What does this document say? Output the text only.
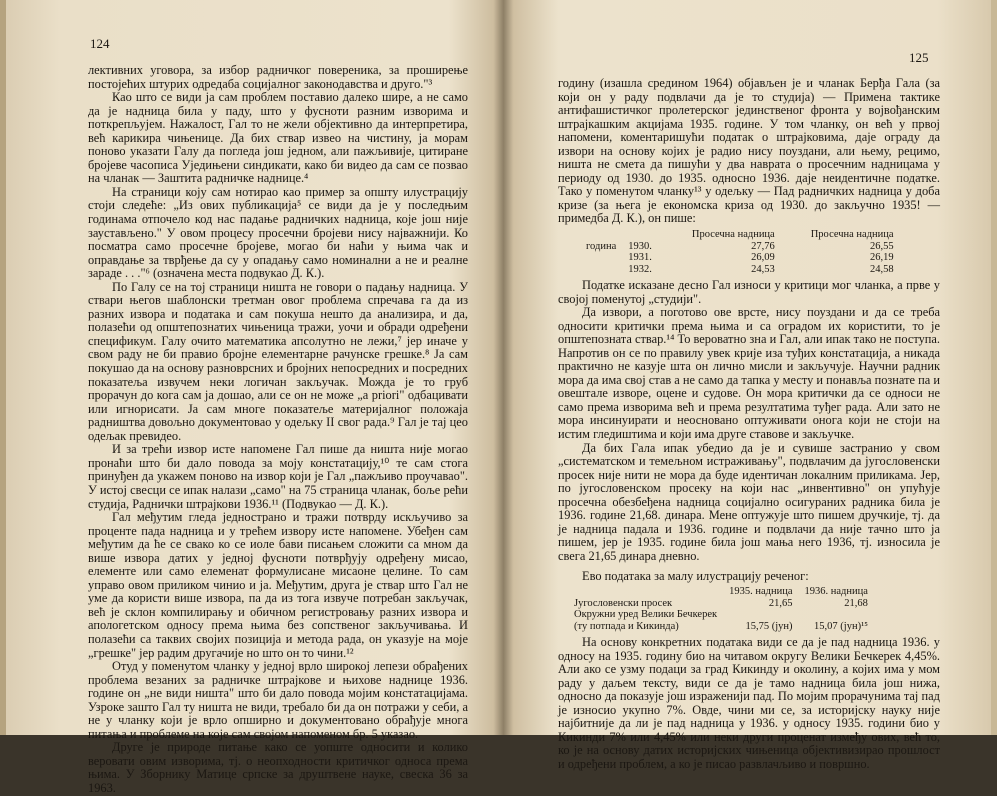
124

лективних уговора, за избор радничког повереника, за проширење постојећих штурих одредаба социјалног законодавства и друго."³

Као што се види ја сам проблем поставио далеко шире, а не само да је надница била у паду, што у фусноти разним изворима и поткрепљујем. Нажалост, Гал то не жели објективно да интерпретира, већ карикира чињенице. Да бих ствар извео на чистину, ја морам поново указати Галу да погледа још једном, али пажљивије, цитиране бројеве часописа Уједињени синдикати, како би видео да сам се позвао на чланак — Заштита радничке наднице.⁴

На страници коју сам нотирао као пример за општу илустрацију стоји следеће: „Из ових публикација⁵ се види да је у последњим годинама отпочело код нас падање радничких надница, које још није заустављено." У овом процесу просечни бројеви нису најважнији. Ко посматра само просечне бројеве, могао би наћи у њима чак и оправдање за тврђење да су у опадању само номинални а не и реалне зараде . . ."⁶ (означена места подвукао Д. К.).

По Галу се на тој страници ништа не говори о падању надница. У ствари његов шаблонски третман овог проблема спречава га да из разних извора и података и сам покуша нешто да анализира, и да, полазећи од општепознатих чињеница тражи, уочи и обради одређени спецификум. Галу очито математика апсолутно не лежи,⁷ јер иначе у свом раду не би правио бројне елементарне рачунске грешке.⁸ Ја сам покушао да на основу разноврсних и бројних непосредних и посредних показатеља извучем неки логичан закључак. Можда је то груб прорачун до кога сам ја дошао, али се он не може „a priori" одбацивати или игнорисати. Ја сам многе показатеље материјалног положаја радништва довољно документовао у одељку II свог рада.⁹ Гал је тај цео одељак превидео.

И за трећи извор исте напомене Гал пише да ништа није могао пронаћи што би дало повода за моју констатацију,¹⁰ те сам стога принуђен да укажем поново на извор који је Гал „пажљиво проучавао". У истој свесци се ипак налази „само" на 75 страница чланак, боље рећи студија, Раднички штрајкови 1936.¹¹ (Подвукао — Д. К.).

Гал међутим гледа једнострано и тражи потврду искључиво за проценте пада надница и у трећем извору исте напомене. Убеђен сам међутим да ће се свако ко се иоле бави писањем сложити са мном да више извора датих у једној фусноти потврђују одређену мисао, елементе или само елеменат формулисане мисаоне целине. То сам управо овом приликом чинио и ја. Међутим, друга је ствар што Гал не уме да користи више извора, па да из тога извуче потребан закључак, већ је склон компилирању и обичном регистровању разних извора и апологетском односу према њима без сопственог закључивања. И полазећи са таквих својих позиција и метода рада, он указује на моје „грешке" јер радим другачије но што он то чини.¹²

Отуд у поменутом чланку у једној врло широкој лепези обрађених проблема везаних за радничке штрајкове и њихове наднице 1936. године он „не види ништа" што би дало повода мојим констатацијама. Узроке зашто Гал ту ништа не види, требало би да он потражи у себи, а не у чланку који је врло опширно и документовано обрађује многа питања и проблеме на које сам својом напоменом бр. 5 указао.

Друге је природе питање како се уопште односити и колико веровати овим изворима, тј. о неопходности критичког односа према њима. У Зборнику Матице српске за друштвене науке, свеска 36 за 1963.

125

годину (изашла средином 1964) објављен је и чланак Берђа Гала (за који он у раду подвлачи да је то студија) — Примена тактике антифашистичког пролетерског јединственог фронта у војвођанским штрајкашким акцијама 1935. године. У том чланку, он већ у првој напомени, коментаришући податак о штрајковима, даје ограду да извори на основу којих је радио нису поуздани, али њему, рецимо, ништа не смета да пишући у два наврата о просечним надницама у периоду од 1930. до 1935. односно 1936. даје неидентичне податке. Тако у поменутом чланку¹³ у одељку — Пад радничких надница у доба кризе (за њега је економска криза од 1930. до закључно 1935! — примедба Д. К.), он пише:

		Просечна надница	Просечна надница
година	1930.	27,76	26,55
	1931.	26,09	26,19
	1932.	24,53	24,58

Податке исказане десно Гал износи у критици мог чланка, а прве у својој поменутој „студији".

Да извори, а поготово ове врсте, нису поуздани и да се треба односити критички према њима и са оградом их користити, то је општепозната ствар.¹⁴ То вероватно зна и Гал, али ипак тако не поступа. Напротив он се по правилу увек крије иза туђих констатација, а никада практично не казује шта он лично мисли и закључује. Научни радник мора да има свој став а не само да тапка у месту и понавља познате па и овештале изворе, оцене и судове. Он мора критички да се односи не само према изворима већ и према резултатима туђег рада. Али зато не мора инсинуирати и неосновано оптуживати онога који не стоји на истим гледиштима и који има друге ставове и закључке.

Да бих Гала ипак убедио да је и сувише застранио у свом „систематском и темељном истраживању", подвлачим да југословенски просек није нити не мора да буде идентичан локалним приликама. Јер, по југословенском просеку на који нас „инвентивно" он упућује просечна обезбеђена надница социјално осигураних радника била је 1936. године 21,68. динара. Мене оптужује што пишем дручкије, тј. да је надница падала и 1936. године и подвлачи да није тачно што ја пишем, јер је 1935. године била још мања него 1936, тј. износила је свега 21,65 динара дневно.

Ево података за малу илустрацију реченог:

	1935. надница	1936. надница
Југословенски просек	21,65	21,68
Окружни уред Велики Бечкерек		
(ту потпада и Кикинда)	15,75 (јун)	15,07 (јун)¹⁵

На основу конкретних података види се да је пад надница 1936. у односу на 1935. годину био на читавом округу Велики Бечкерек 4,45%. Али ако се узму подаци за град Кикинду и околину, а којих има у мом раду у даљем тексту, види се да је тамо надница била још нижа, односно да показује још израженији пад. По мојим прорачунима тај пад је износио укупно 7%. Овде, чини ми се, за историјску науку није најбитније да ли је пад надница у 1936. у односу 1935. години био у Кикинди 7% или 4,45% или неки други проценат између ових, већ то, ко је на основу датих историјских чињеница објективизирао прошлост и одређени проблем, а ко је писао развлачљиво и површно.
